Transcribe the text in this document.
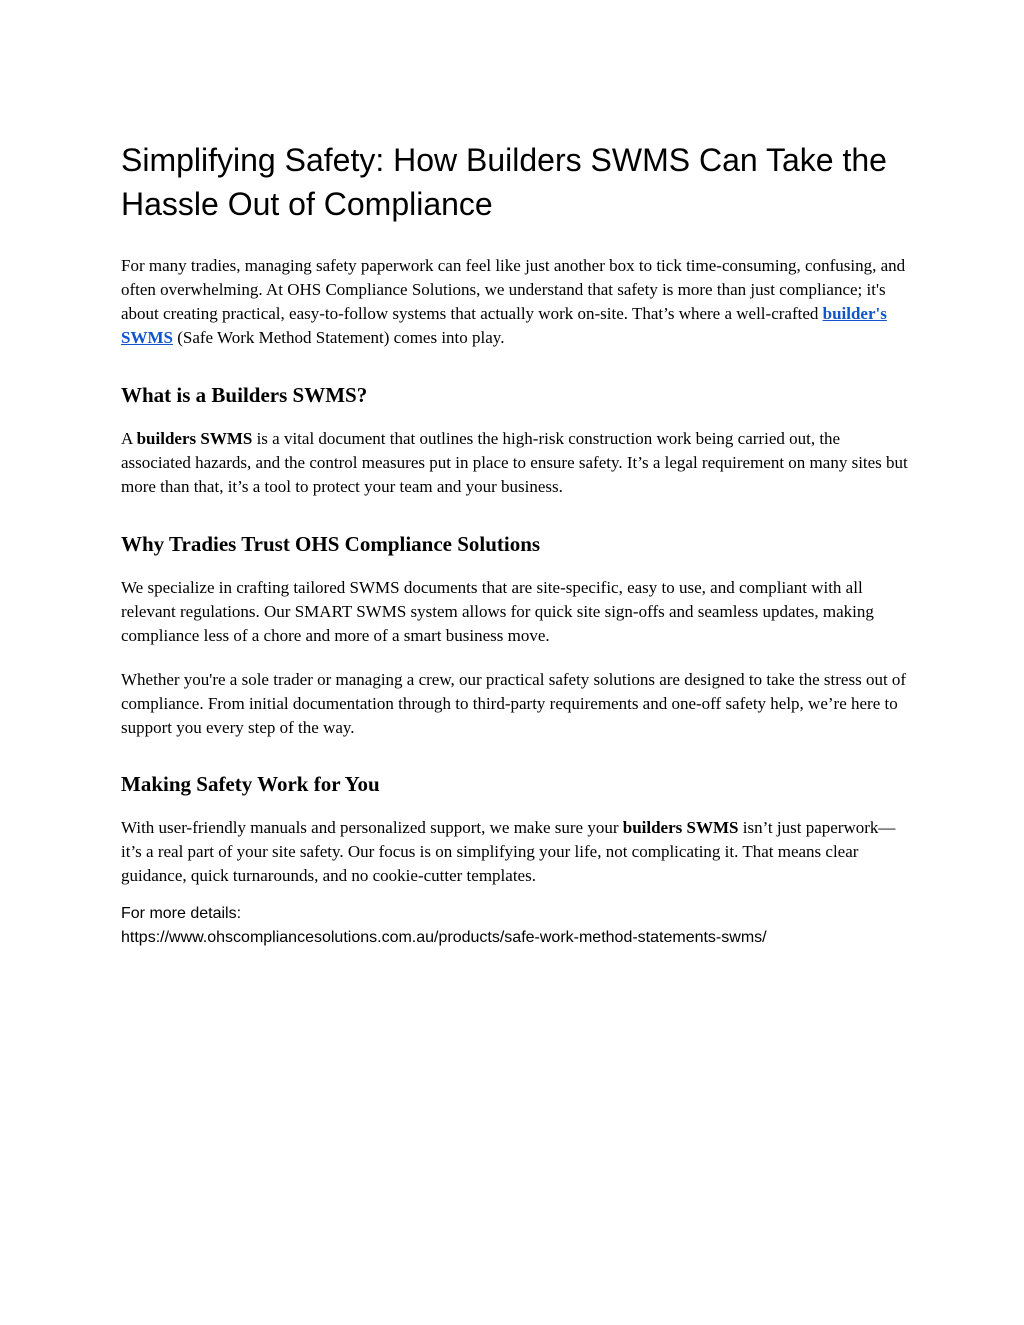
Simplifying Safety: How Builders SWMS Can Take the Hassle Out of Compliance

For many tradies, managing safety paperwork can feel like just another box to tick time-consuming, confusing, and often overwhelming. At OHS Compliance Solutions, we understand that safety is more than just compliance; it's about creating practical, easy-to-follow systems that actually work on-site. That’s where a well-crafted builder's SWMS (Safe Work Method Statement) comes into play.

What is a Builders SWMS?

A builders SWMS is a vital document that outlines the high-risk construction work being carried out, the associated hazards, and the control measures put in place to ensure safety. It’s a legal requirement on many sites but more than that, it’s a tool to protect your team and your business.

Why Tradies Trust OHS Compliance Solutions

We specialize in crafting tailored SWMS documents that are site-specific, easy to use, and compliant with all relevant regulations. Our SMART SWMS system allows for quick site sign-offs and seamless updates, making compliance less of a chore and more of a smart business move.

Whether you're a sole trader or managing a crew, our practical safety solutions are designed to take the stress out of compliance. From initial documentation through to third-party requirements and one-off safety help, we’re here to support you every step of the way.

Making Safety Work for You

With user-friendly manuals and personalized support, we make sure your builders SWMS isn’t just paperwork—it’s a real part of your site safety. Our focus is on simplifying your life, not complicating it. That means clear guidance, quick turnarounds, and no cookie-cutter templates.

For more details:

https://www.ohscompliancesolutions.com.au/products/safe-work-method-statements-swms/
